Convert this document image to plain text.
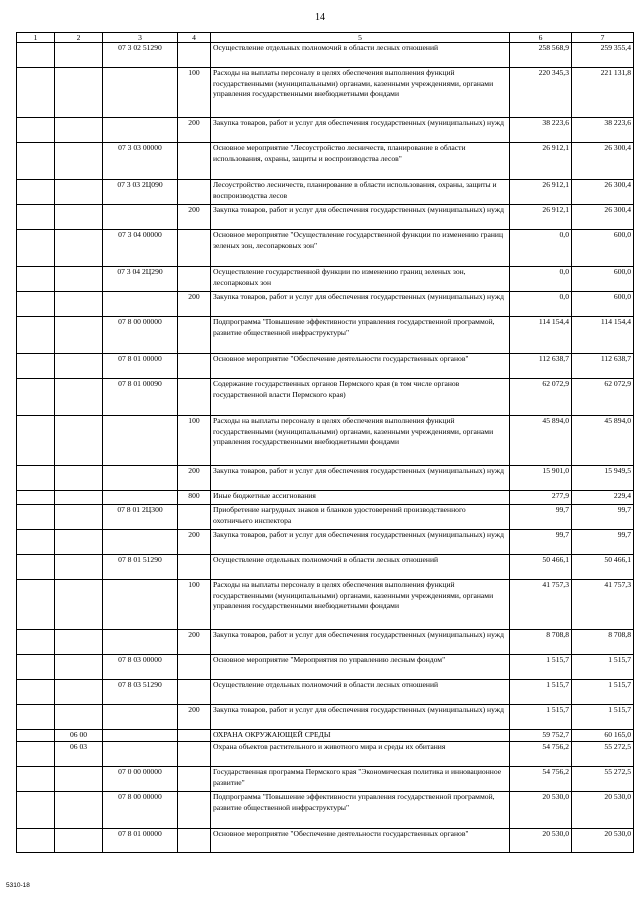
14
1	2	3	4	5	6	7
		07 3 02 51290		Осуществление отдельных полномочий в области лесных отношений	258 568,9	259 355,4
			100	Расходы на выплаты персоналу в целях обеспечения выполнения функций государственными (муниципальными) органами, казенными учреждениями, органами управления государственными внебюджетными фондами	220 345,3	221 131,8
			200	Закупка товаров, работ и услуг для обеспечения государственных (муниципальных) нужд	38 223,6	38 223,6
		07 3 03 00000		Основное мероприятие "Лесоустройство лесничеств, планирование в области использования, охраны, защиты и воспроизводства лесов"	26 912,1	26 300,4
		07 3 03 2Ц090		Лесоустройство лесничеств, планирование в области использования, охраны, защиты и воспроизводства лесов	26 912,1	26 300,4
			200	Закупка товаров, работ и услуг для обеспечения государственных (муниципальных) нужд	26 912,1	26 300,4
		07 3 04 00000		Основное мероприятие "Осуществление государственной функции по изменению границ зеленых зон, лесопарковых зон"	0,0	600,0
		07 3 04 2Ц290		Осуществление государственной функции по изменению границ зеленых зон, лесопарковых зон	0,0	600,0
			200	Закупка товаров, работ и услуг для обеспечения государственных (муниципальных) нужд	0,0	600,0
		07 8 00 00000		Подпрограмма "Повышение эффективности управления государственной программой, развитие общественной инфраструктуры"	114 154,4	114 154,4
		07 8 01 00000		Основное мероприятие "Обеспечение деятельности государственных органов"	112 638,7	112 638,7
		07 8 01 00090		Содержание государственных органов Пермского края (в том числе органов государственной власти Пермского края)	62 072,9	62 072,9
			100	Расходы на выплаты персоналу в целях обеспечения выполнения функций государственными (муниципальными) органами, казенными учреждениями, органами управления государственными внебюджетными фондами	45 894,0	45 894,0
			200	Закупка товаров, работ и услуг для обеспечения государственных (муниципальных) нужд	15 901,0	15 949,5
			800	Иные бюджетные ассигнования	277,9	229,4
		07 8 01 2Ц300		Приобретение нагрудных знаков и бланков удостоверений производственного охотничьего инспектора	99,7	99,7
			200	Закупка товаров, работ и услуг для обеспечения государственных (муниципальных) нужд	99,7	99,7
		07 8 01 51290		Осуществление отдельных полномочий в области лесных отношений	50 466,1	50 466,1
			100	Расходы на выплаты персоналу в целях обеспечения выполнения функций государственными (муниципальными) органами, казенными учреждениями, органами управления государственными внебюджетными фондами	41 757,3	41 757,3
			200	Закупка товаров, работ и услуг для обеспечения государственных (муниципальных) нужд	8 708,8	8 708,8
		07 8 03 00000		Основное мероприятие "Мероприятия по управлению лесным фондом"	1 515,7	1 515,7
		07 8 03 51290		Осуществление отдельных полномочий в области лесных отношений	1 515,7	1 515,7
			200	Закупка товаров, работ и услуг для обеспечения государственных (муниципальных) нужд	1 515,7	1 515,7
	06 00			ОХРАНА ОКРУЖАЮЩЕЙ СРЕДЫ	59 752,7	60 165,0
	06 03			Охрана объектов растительного и животного мира и среды их обитания	54 756,2	55 272,5
		07 0 00 00000		Государственная программа Пермского края "Экономическая политика и инновационное развитие"	54 756,2	55 272,5
		07 8 00 00000		Подпрограмма "Повышение эффективности управления государственной программой, развитие общественной инфраструктуры"	20 530,0	20 530,0
		07 8 01 00000		Основное мероприятие "Обеспечение деятельности государственных органов"	20 530,0	20 530,0
5310-18
